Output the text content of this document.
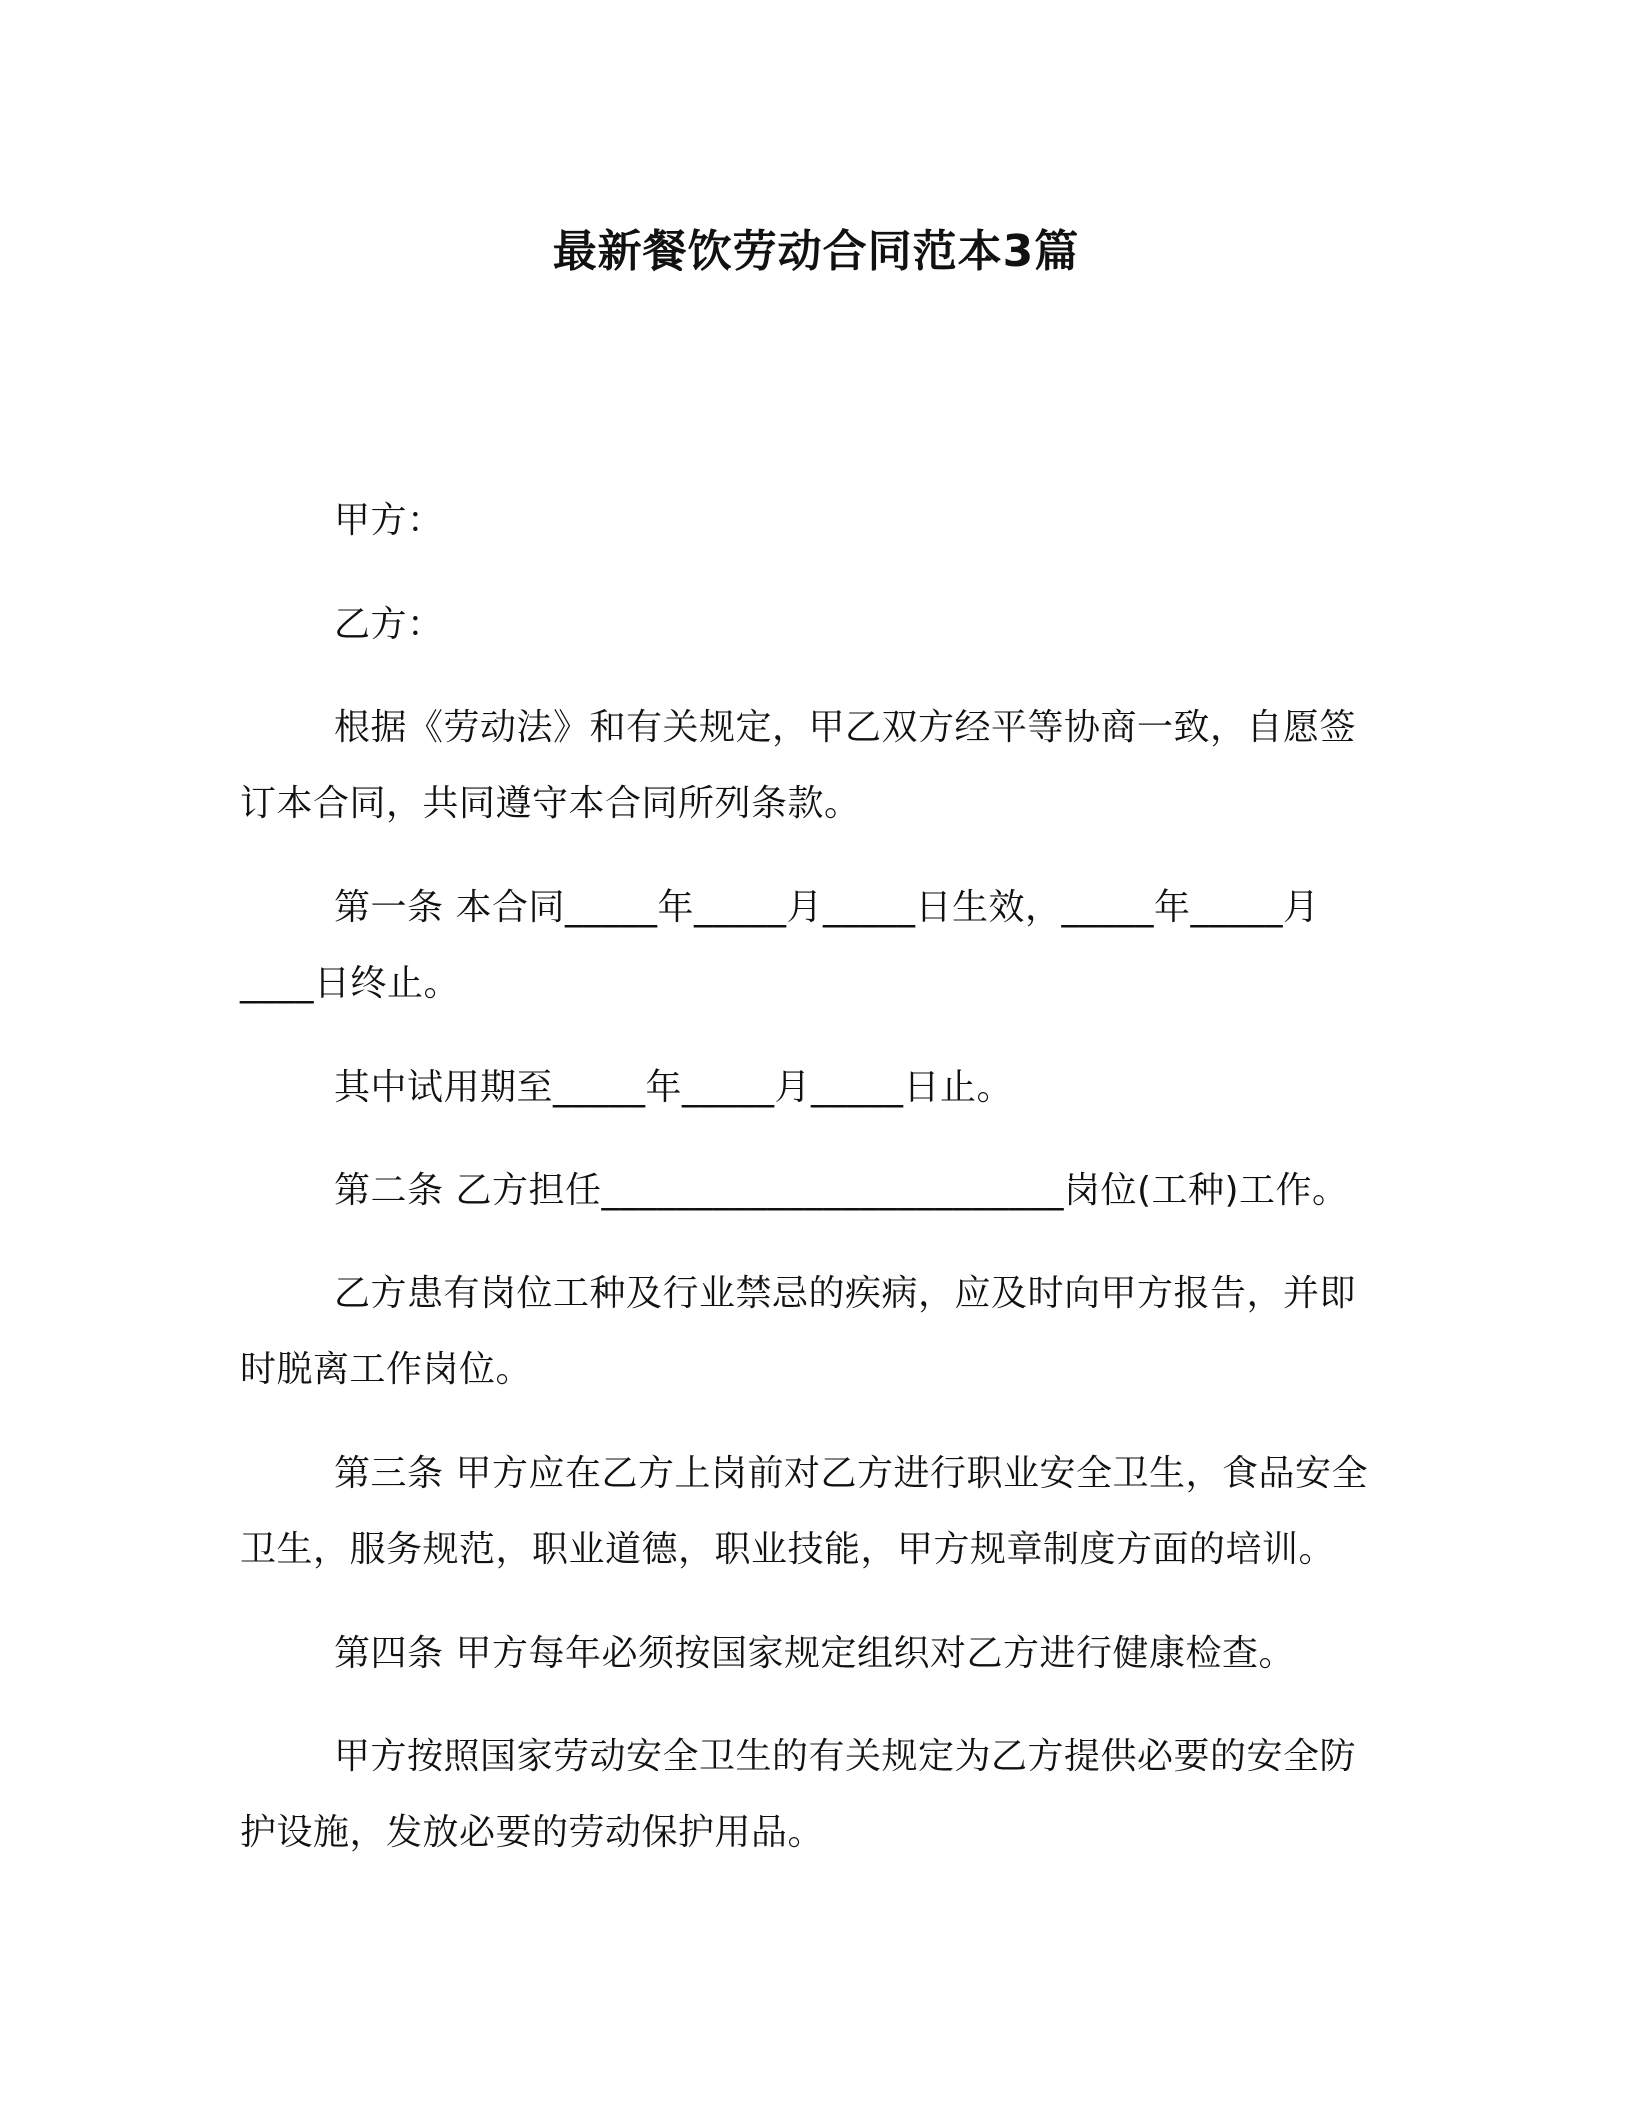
最新餐饮劳动合同范本3篇

甲方：

乙方：

根据《劳动法》和有关规定，甲乙双方经平等协商一致，自愿签订本合同，共同遵守本合同所列条款。

第一条 本合同_____年_____月_____日生效，_____年_____月____日终止。

其中试用期至_____年_____月_____日止。

第二条 乙方担任_________________________岗位(工种)工作。

乙方患有岗位工种及行业禁忌的疾病，应及时向甲方报告，并即时脱离工作岗位。

第三条 甲方应在乙方上岗前对乙方进行职业安全卫生，食品安全卫生，服务规范，职业道德，职业技能，甲方规章制度方面的培训。

第四条 甲方每年必须按国家规定组织对乙方进行健康检查。

甲方按照国家劳动安全卫生的有关规定为乙方提供必要的安全防护设施，发放必要的劳动保护用品。
